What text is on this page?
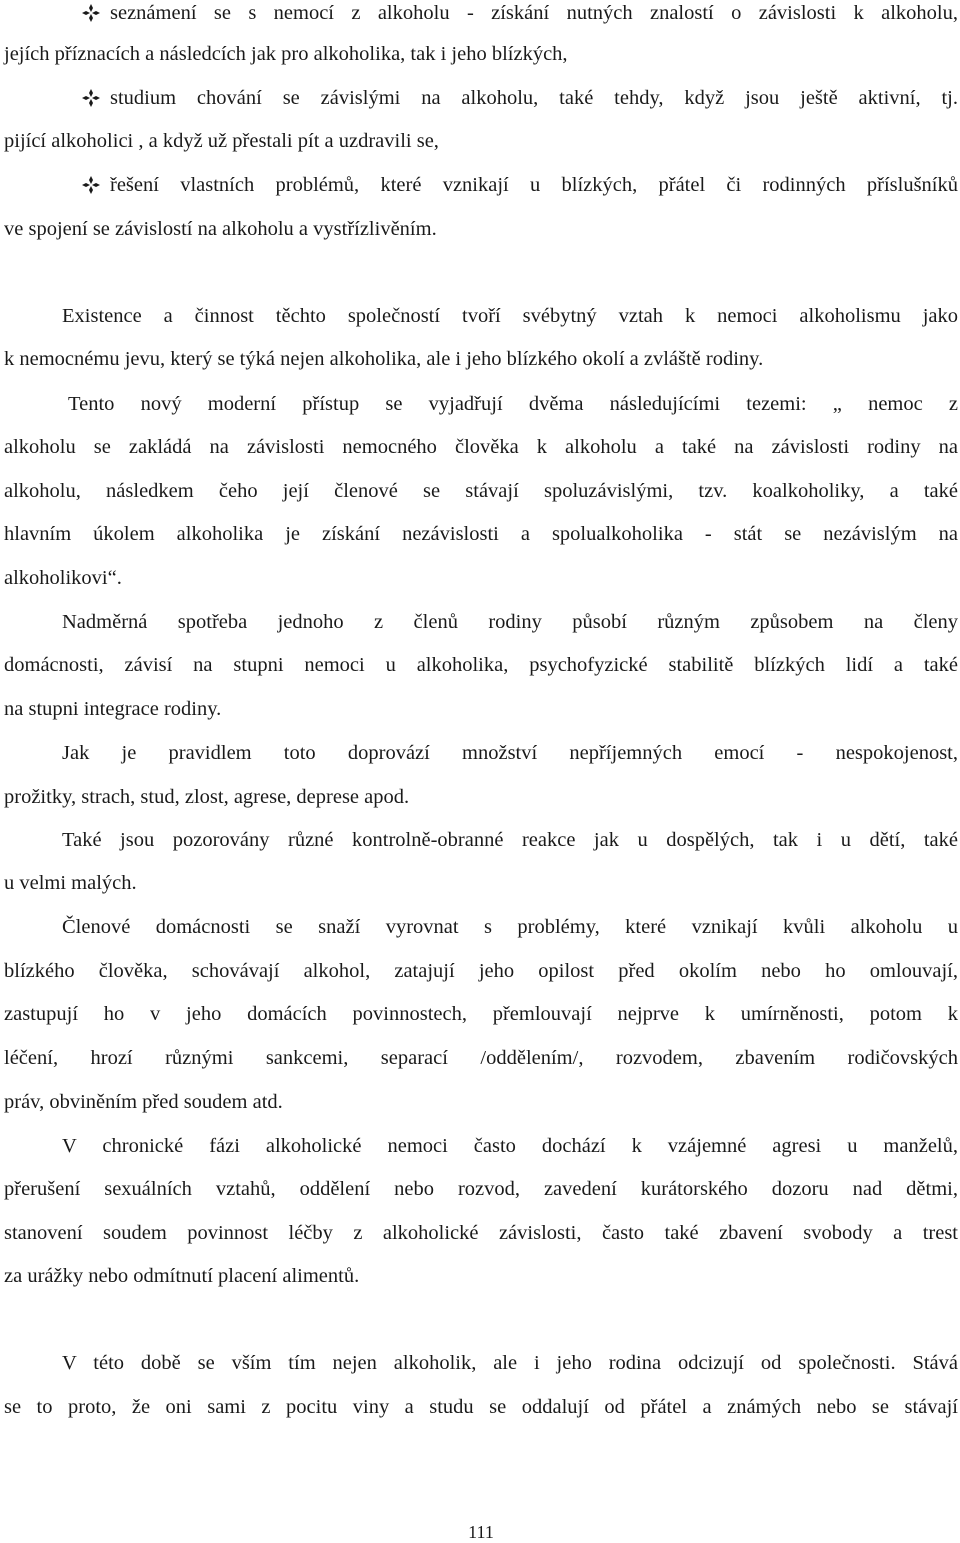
seznámení se s nemocí z alkoholu - získání nutných znalostí o závislosti k alkoholu,
jejích příznacích a následcích jak pro alkoholika, tak i jeho blízkých,
studium chování se závislými na alkoholu, také tehdy, když jsou ještě aktivní, tj.
pijící alkoholici , a když už přestali pít a uzdravili se,
řešení vlastních problémů, které vznikají u blízkých, přátel či rodinných příslušníků
ve spojení se závislostí na alkoholu a vystřízlivěním.
Existence a činnost těchto společností tvoří svébytný vztah k nemoci alkoholismu jako
k nemocnému jevu, který se týká nejen alkoholika, ale i jeho blízkého okolí a zvláště rodiny.
Tento nový moderní přístup se vyjadřují dvěma následujícími tezemi: „ nemoc z
alkoholu se zakládá na závislosti nemocného člověka k alkoholu a také na závislosti rodiny na
alkoholu, následkem čeho její členové se stávají spoluzávislými, tzv. koalkoholiky, a také
hlavním úkolem alkoholika je získání nezávislosti a spolualkoholika - stát se nezávislým na
alkoholikovi“.
Nadměrná spotřeba jednoho z členů rodiny působí různým způsobem na členy
domácnosti, závisí na stupni nemoci u alkoholika, psychofyzické stabilitě blízkých lidí a také
na stupni integrace rodiny.
Jak je pravidlem toto doprovází množství nepříjemných emocí - nespokojenost,
prožitky, strach, stud, zlost, agrese, deprese apod.
Také jsou pozorovány různé kontrolně-obranné reakce jak u dospělých, tak i u dětí, také
u velmi malých.
Členové domácnosti se snaží vyrovnat s problémy, které vznikají kvůli alkoholu u
blízkého člověka, schovávají alkohol, zatajují jeho opilost před okolím nebo ho omlouvají,
zastupují ho v jeho domácích povinnostech, přemlouvají nejprve k umírněnosti, potom k
léčení, hrozí různými sankcemi, separací /oddělením/, rozvodem, zbavením rodičovských
práv, obviněním před soudem atd.
V chronické fázi alkoholické nemoci často dochází k vzájemné agresi u manželů,
přerušení sexuálních vztahů, oddělení nebo rozvod, zavedení kurátorského dozoru nad dětmi,
stanovení soudem povinnost léčby z alkoholické závislosti, často také zbavení svobody a trest
za urážky nebo odmítnutí placení alimentů.
V této době se vším tím nejen alkoholik, ale i jeho rodina odcizují od společnosti. Stává
se to proto, že oni sami z pocitu viny a studu se oddalují od přátel a známých nebo se stávají
111
